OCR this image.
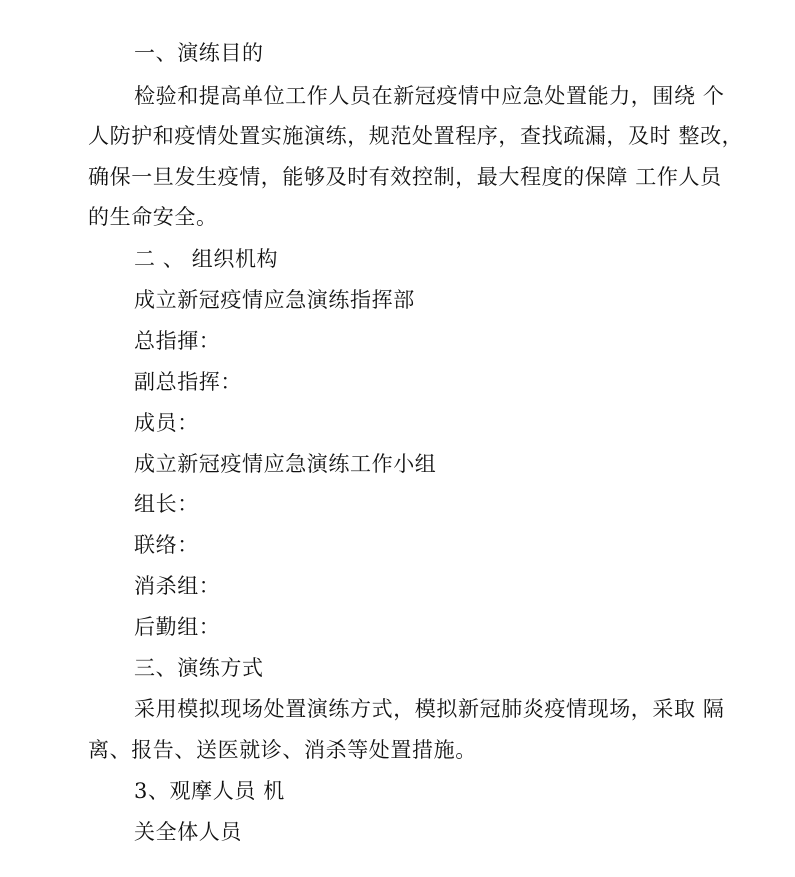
一、演练目的
检验和提高单位工作人员在新冠疫情中应急处置能力，围绕 个
人防护和疫情处置实施演练，规范处置程序，查找疏漏，及时 整改，
确保一旦发生疫情，能够及时有效控制，最大程度的保障 工作人员
的生命安全。
二 、 组织机构
成立新冠疫情应急演练指挥部
总指揮：
副总指挥：
成员：
成立新冠疫情应急演练工作小组
组长：
联络：
消杀组：
后勤组：
三、演练方式
采用模拟现场处置演练方式，模拟新冠肺炎疫情现场，采取 隔
离、报告、送医就诊、消杀等处置措施。
3、观摩人员 机
关全体人员
